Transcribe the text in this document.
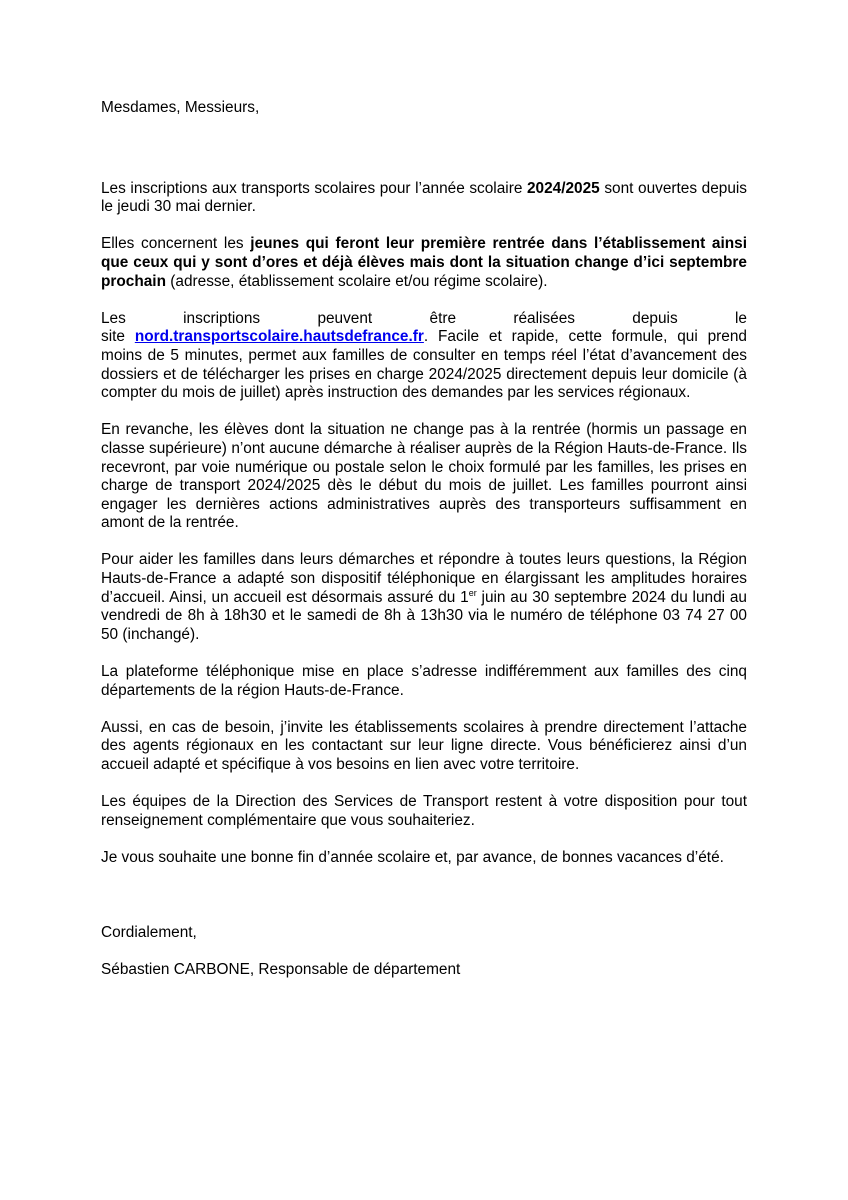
Mesdames, Messieurs,

Les inscriptions aux transports scolaires pour l’année scolaire 2024/2025 sont ouvertes depuis le jeudi 30 mai dernier.

Elles concernent les jeunes qui feront leur première rentrée dans l’établissement ainsi que ceux qui y sont d’ores et déjà élèves mais dont la situation change d’ici septembre prochain (adresse, établissement scolaire et/ou régime scolaire).

Les	inscriptions	peuvent	être	réalisées	depuis	le

site nord.transportscolaire.hautsdefrance.fr. Facile et rapide, cette formule, qui prend moins de 5 minutes, permet aux familles de consulter en temps réel l’état d’avancement des dossiers et de télécharger les prises en charge 2024/2025 directement depuis leur domicile (à compter du mois de juillet) après instruction des demandes par les services régionaux.

En revanche, les élèves dont la situation ne change pas à la rentrée (hormis un passage en classe supérieure) n’ont aucune démarche à réaliser auprès de la Région Hauts-de-France. Ils recevront, par voie numérique ou postale selon le choix formulé par les familles, les prises en charge de transport 2024/2025 dès le début du mois de juillet. Les familles pourront ainsi engager les dernières actions administratives auprès des transporteurs suffisamment en amont de la rentrée.

Pour aider les familles dans leurs démarches et répondre à toutes leurs questions, la Région Hauts-de-France a adapté son dispositif téléphonique en élargissant les amplitudes horaires d’accueil. Ainsi, un accueil est désormais assuré du 1er juin au 30 septembre 2024 du lundi au vendredi de 8h à 18h30 et le samedi de 8h à 13h30 via le numéro de téléphone 03 74 27 00 50 (inchangé).

La plateforme téléphonique mise en place s’adresse indifféremment aux familles des cinq départements de la région Hauts-de-France.

Aussi, en cas de besoin, j’invite les établissements scolaires à prendre directement l’attache des agents régionaux en les contactant sur leur ligne directe. Vous bénéficierez ainsi d’un accueil adapté et spécifique à vos besoins en lien avec votre territoire.

Les équipes de la Direction des Services de Transport restent à votre disposition pour tout renseignement complémentaire que vous souhaiteriez.

Je vous souhaite une bonne fin d’année scolaire et, par avance, de bonnes vacances d’été.

Cordialement,

Sébastien CARBONE, Responsable de département
